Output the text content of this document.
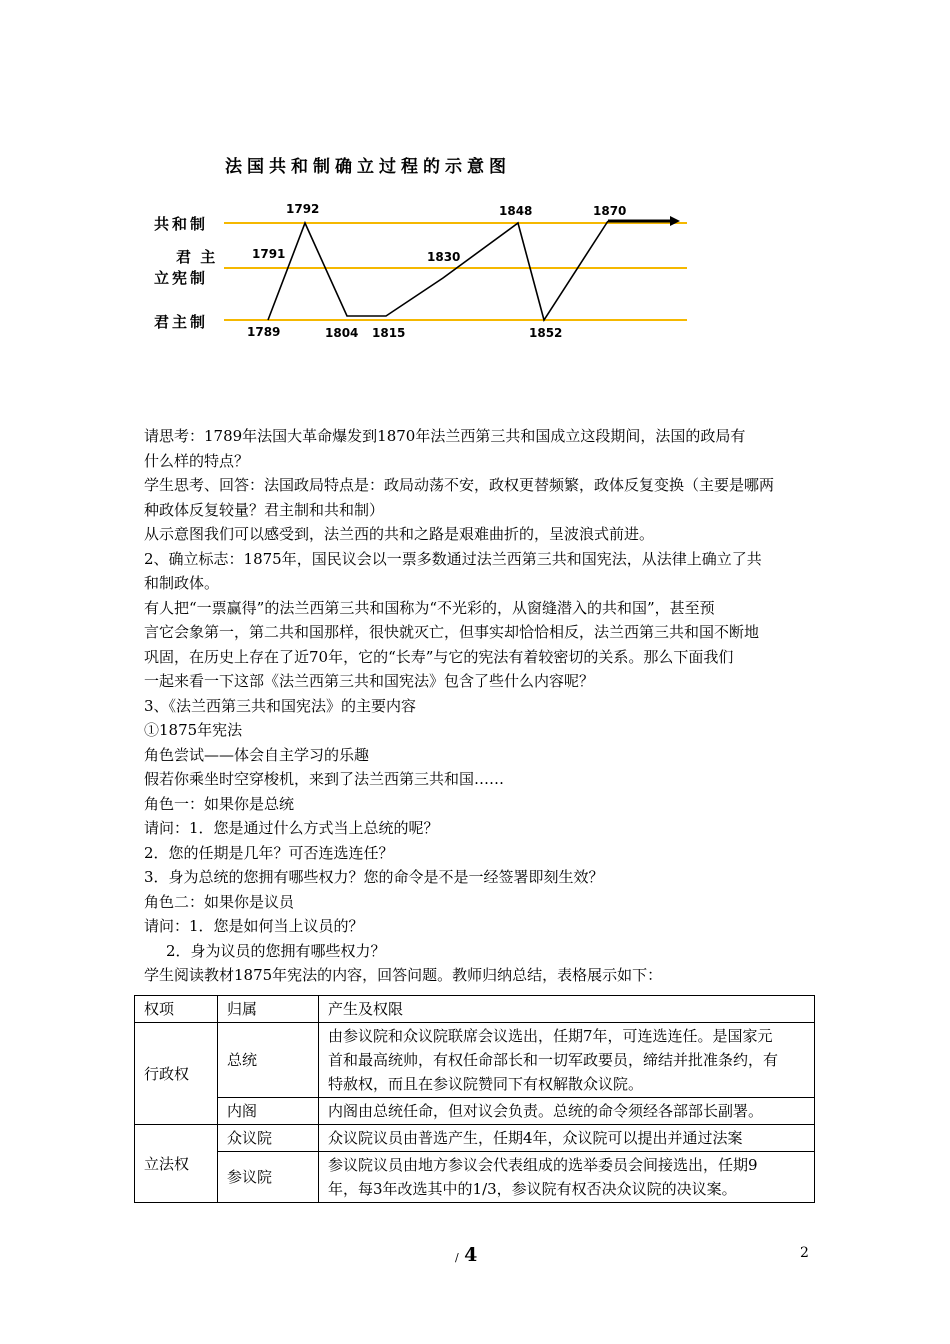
法国共和制确立过程的示意图
共和制
君 主
立宪制
君主制
1789
1791
1792
1804 1815
1830
1848
1852
1870

请思考：1789年法国大革命爆发到1870年法兰西第三共和国成立这段期间，法国的政局有

什么样的特点？

学生思考、回答：法国政局特点是：政局动荡不安，政权更替频繁，政体反复变换（主要是哪两

种政体反复较量？君主制和共和制）

从示意图我们可以感受到，法兰西的共和之路是艰难曲折的，呈波浪式前进。

2、确立标志：1875年，国民议会以一票多数通过法兰西第三共和国宪法，从法律上确立了共

和制政体。

有人把“一票赢得”的法兰西第三共和国称为“不光彩的，从窗缝潜入的共和国”，甚至预

言它会象第一，第二共和国那样，很快就灭亡，但事实却恰恰相反，法兰西第三共和国不断地

巩固，在历史上存在了近70年，它的“长寿”与它的宪法有着较密切的关系。那么下面我们

一起来看一下这部《法兰西第三共和国宪法》包含了些什么内容呢？

3、《法兰西第三共和国宪法》的主要内容

①1875年宪法

角色尝试——体会自主学习的乐趣

假若你乘坐时空穿梭机，来到了法兰西第三共和国……

角色一：如果你是总统

请问：1．您是通过什么方式当上总统的呢？

2．您的任期是几年？可否连选连任？

3．身为总统的您拥有哪些权力？您的命令是不是一经签署即刻生效？

角色二：如果你是议员

请问：1．您是如何当上议员的？

2．身为议员的您拥有哪些权力？

学生阅读教材1875年宪法的内容，回答问题。教师归纳总结，表格展示如下：

权项	归属	产生及权限
行政权	总统	由参议院和众议院联席会议选出，任期7年，可连选连任。是国家元
首和最高统帅，有权任命部长和一切军政要员，缔结并批准条约，有
特赦权，而且在参议院赞同下有权解散众议院。

	内阁	内阁由总统任命，但对议会负责。总统的命令须经各部部长副署。
立法权	众议院	众议院议员由普选产生，任期4年，众议院可以提出并通过法案
	参议院	参议院议员由地方参议会代表组成的选举委员会间接选出，任期9
年，每3年改选其中的1/3，参议院有权否决众议院的决议案。
/ 4	2
